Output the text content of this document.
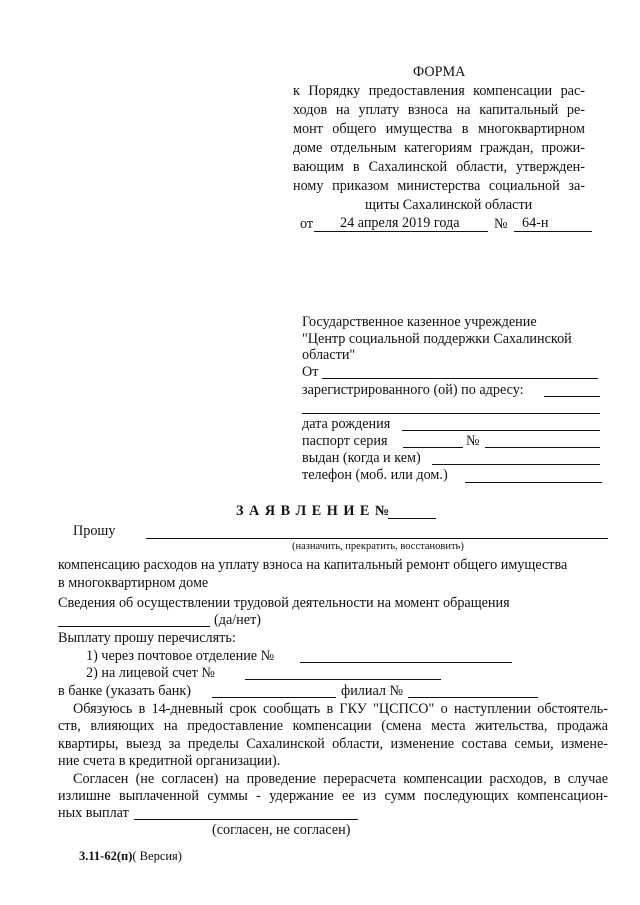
ФОРМА
к Порядку предоставления компенсации рас-
ходов на уплату взноса на капитальный ре-
монт общего имущества в многоквартирном
доме отдельным категориям граждан, прожи-
вающим в Сахалинской области, утвержден-
ному приказом министерства социальной за-
щиты Сахалинской области
от 24 апреля 2019 года № 64-н
Государственное казенное учреждение
"Центр социальной поддержки Сахалинской
области"
От
зарегистрированного (ой) по адресу:
дата рождения
паспорт серия	№
выдан (когда и кем)
телефон (моб. или дом.)
З А Я В Л Е Н И Е №
Прошу
(назначить, прекратить, восстановить)
компенсацию расходов на уплату взноса на капитальный ремонт общего имущества
в многоквартирном доме
Сведения об осуществлении трудовой деятельности на момент обращения
(да/нет)
Выплату прошу перечислять:
1) через почтовое отделение №
2) на лицевой счет №
в банке (указать банк)	филиал №
Обязуюсь в 14-дневный срок сообщать в ГКУ "ЦСПСО" о наступлении обстоятель-
ств, влияющих на предоставление компенсации (смена места жительства, продажа
квартиры, выезд за пределы Сахалинской области, изменение состава семьи, измене-
ние счета в кредитной организации).
Согласен (не согласен) на проведение перерасчета компенсации расходов, в случае
излишне выплаченной суммы - удержание ее из сумм последующих компенсацион-
ных выплат
(согласен, не согласен)
3.11-62(п)( Версия)
